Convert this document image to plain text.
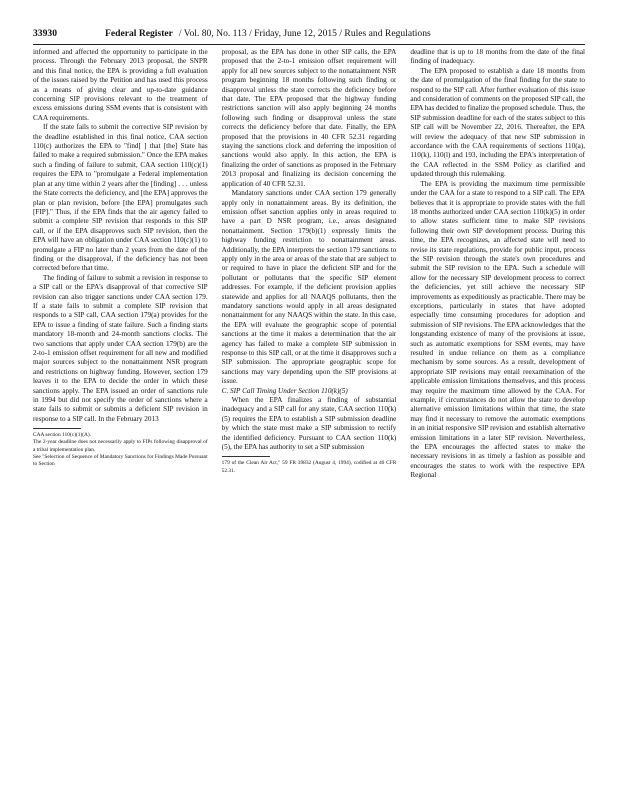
33930	Federal Register / Vol. 80, No. 113 / Friday, June 12, 2015 / Rules and Regulations

informed and affected the opportunity to participate in the process. Through the February 2013 proposal, the SNPR and this final notice, the EPA is providing a full evaluation of the issues raised by the Petition and has used this process as a means of giving clear and up-to-date guidance concerning SIP provisions relevant to the treatment of excess emissions during SSM events that is consistent with CAA requirements.

If the state fails to submit the corrective SIP revision by the deadline established in this final notice, CAA section 110(c) authorizes the EPA to "find[ ] that [the] State has failed to make a required submission." Once the EPA makes such a finding of failure to submit, CAA section 110(c)(1) requires the EPA to "promulgate a Federal implementation plan at any time within 2 years after the [finding] . . . unless the State corrects the deficiency, and [the EPA] approves the plan or plan revision, before [the EPA] promulgates such [FIP]." Thus, if the EPA finds that the air agency failed to submit a complete SIP revision that responds to this SIP call, or if the EPA disapproves such SIP revision, then the EPA will have an obligation under CAA section 110(c)(1) to promulgate a FIP no later than 2 years from the date of the finding or the disapproval, if the deficiency has not been corrected before that time.

The finding of failure to submit a revision in response to a SIP call or the EPA's disapproval of that corrective SIP revision can also trigger sanctions under CAA section 179. If a state fails to submit a complete SIP revision that responds to a SIP call, CAA section 179(a) provides for the EPA to issue a finding of state failure. Such a finding starts mandatory 18-month and 24-month sanctions clocks. The two sanctions that apply under CAA section 179(b) are the 2-to-1 emission offset requirement for all new and modified major sources subject to the nonattainment NSR program and restrictions on highway funding. However, section 179 leaves it to the EPA to decide the order in which these sanctions apply. The EPA issued an order of sanctions rule in 1994 but did not specify the order of sanctions where a state fails to submit or submits a deficient SIP revision in response to a SIP call. In the February 2013

CAA section 110(c)(1)(A).

The 2-year deadline does not necessarily apply to FIPs following disapproval of a tribal implementation plan.

See "Selection of Sequence of Mandatory Sanctions for Findings Made Pursuant to Section

proposal, as the EPA has done in other SIP calls, the EPA proposed that the 2-to-1 emission offset requirement will apply for all new sources subject to the nonattainment NSR program beginning 18 months following such finding or disapproval unless the state corrects the deficiency before that date. The EPA proposed that the highway funding restrictions sanction will also apply beginning 24 months following such finding or disapproval unless the state corrects the deficiency before that date. Finally, the EPA proposed that the provisions in 40 CFR 52.31 regarding staying the sanctions clock and deferring the imposition of sanctions would also apply. In this action, the EPA is finalizing the order of sanctions as proposed in the February 2013 proposal and finalizing its decision concerning the application of 40 CFR 52.31.

Mandatory sanctions under CAA section 179 generally apply only in nonattainment areas. By its definition, the emission offset sanction applies only in areas required to have a part D NSR program, i.e., areas designated nonattainment. Section 179(b)(1) expressly limits the highway funding restriction to nonattainment areas. Additionally, the EPA interprets the section 179 sanctions to apply only in the area or areas of the state that are subject to or required to have in place the deficient SIP and for the pollutant or pollutants that the specific SIP element addresses. For example, if the deficient provision applies statewide and applies for all NAAQS pollutants, then the mandatory sanctions would apply in all areas designated nonattainment for any NAAQS within the state. In this case, the EPA will evaluate the geographic scope of potential sanctions at the time it makes a determination that the air agency has failed to make a complete SIP submission in response to this SIP call, or at the time it disapproves such a SIP submission. The appropriate geographic scope for sanctions may vary depending upon the SIP provisions at issue.

C. SIP Call Timing Under Section 110(k)(5)

When the EPA finalizes a finding of substantial inadequacy and a SIP call for any state, CAA section 110(k)(5) requires the EPA to establish a SIP submission deadline by which the state must make a SIP submission to rectify the identified deficiency. Pursuant to CAA section 110(k)(5), the EPA has authority to set a SIP submission

179 of the Clean Air Act," 59 FR 39832 (August 4, 1994), codified at 40 CFR 52.31.

deadline that is up to 18 months from the date of the final finding of inadequacy.

The EPA proposed to establish a date 18 months from the date of promulgation of the final finding for the state to respond to the SIP call. After further evaluation of this issue and consideration of comments on the proposed SIP call, the EPA has decided to finalize the proposed schedule. Thus, the SIP submission deadline for each of the states subject to this SIP call will be November 22, 2016. Thereafter, the EPA will review the adequacy of that new SIP submission in accordance with the CAA requirements of sections 110(a), 110(k), 110(l) and 193, including the EPA's interpretation of the CAA reflected in the SSM Policy as clarified and updated through this rulemaking.

The EPA is providing the maximum time permissible under the CAA for a state to respond to a SIP call. The EPA believes that it is appropriate to provide states with the full 18 months authorized under CAA section 110(k)(5) in order to allow states sufficient time to make SIP revisions following their own SIP development process. During this time, the EPA recognizes, an affected state will need to revise its state regulations, provide for public input, process the SIP revision through the state's own procedures and submit the SIP revision to the EPA. Such a schedule will allow for the necessary SIP development process to correct the deficiencies, yet still achieve the necessary SIP improvements as expeditiously as practicable. There may be exceptions, particularly in states that have adopted especially time consuming procedures for adoption and submission of SIP revisions. The EPA acknowledges that the longstanding existence of many of the provisions at issue, such as automatic exemptions for SSM events, may have resulted in undue reliance on them as a compliance mechanism by some sources. As a result, development of appropriate SIP revisions may entail reexamination of the applicable emission limitations themselves, and this process may require the maximum time allowed by the CAA. For example, if circumstances do not allow the state to develop alternative emission limitations within that time, the state may find it necessary to remove the automatic exemptions in an initial responsive SIP revision and establish alternative emission limitations in a later SIP revision. Nevertheless, the EPA encourages the affected states to make the necessary revisions in as timely a fashion as possible and encourages the states to work with the respective EPA Regional
